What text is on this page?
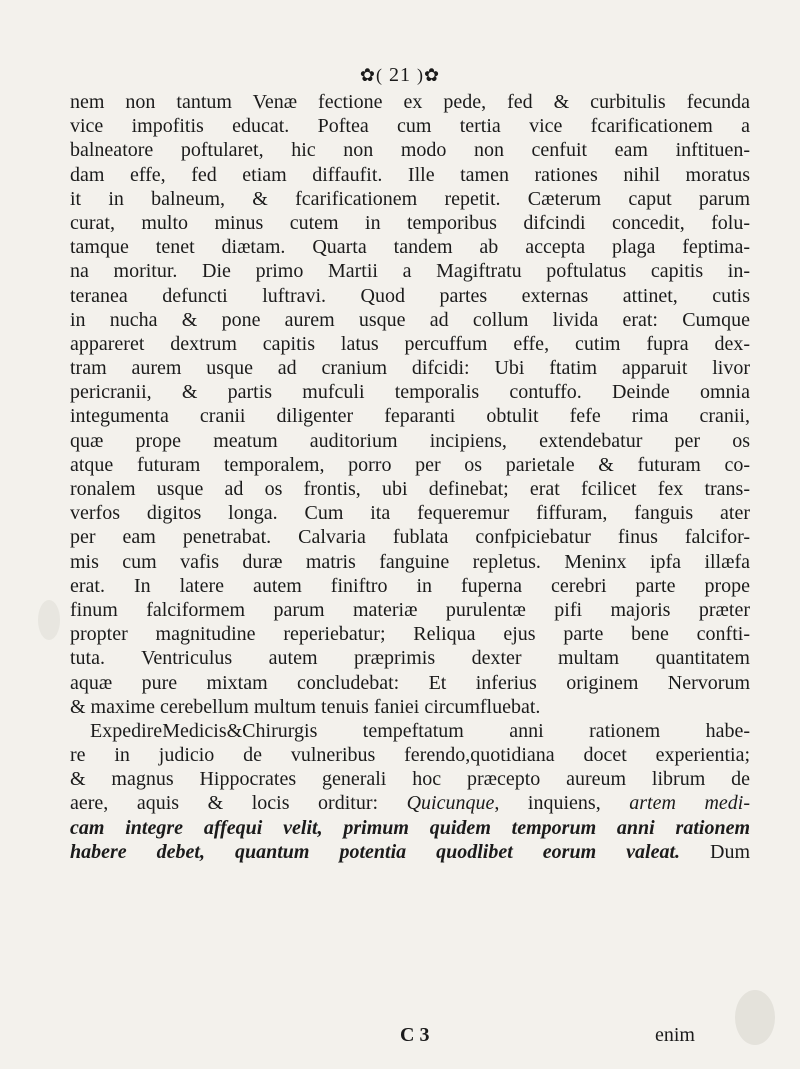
✿( 21 )✿
nem non tantum Venæ fectione ex pede, fed & curbitulis fecunda
vice impofitis educat. Poftea cum tertia vice fcarificationem a
balneatore poftularet, hic non modo non cenfuit eam inftituen-
dam effe, fed etiam diffaufit. Ille tamen rationes nihil moratus
it in balneum, & fcarificationem repetit. Cæterum caput parum
curat, multo minus cutem in temporibus difcindi concedit, folu-
tamque tenet diætam. Quarta tandem ab accepta plaga feptima-
na moritur. Die primo Martii a Magiftratu poftulatus capitis in-
teranea defuncti luftravi. Quod partes externas attinet, cutis
in nucha & pone aurem usque ad collum livida erat: Cumque
appareret dextrum capitis latus percuffum effe, cutim fupra dex-
tram aurem usque ad cranium difcidi: Ubi ftatim apparuit livor
pericranii, & partis mufculi temporalis contuffo. Deinde omnia
integumenta cranii diligenter feparanti obtulit fefe rima cranii,
quæ prope meatum auditorium incipiens, extendebatur per os
atque futuram temporalem, porro per os parietale & futuram co-
ronalem usque ad os frontis, ubi definebat; erat fcilicet fex trans-
verfos digitos longa. Cum ita fequeremur fiffuram, fanguis ater
per eam penetrabat. Calvaria fublata confpiciebatur finus falcifor-
mis cum vafis duræ matris fanguine repletus. Meninx ipfa illæfa
erat. In latere autem finiftro in fuperna cerebri parte prope
finum falciformem parum materiæ purulentæ pifi majoris præter
propter magnitudine reperiebatur; Reliqua ejus parte bene confti-
tuta. Ventriculus autem præprimis dexter multam quantitatem
aquæ pure mixtam concludebat: Et inferius originem Nervorum
& maxime cerebellum multum tenuis faniei circumfluebat.
ExpedireMedicis&Chirurgis tempeftatum anni rationem habe-
re in judicio de vulneribus ferendo,quotidiana docet experientia;
& magnus Hippocrates generali hoc præcepto aureum librum de
aere, aquis & locis orditur: Quicunque, inquiens, artem medi-
cam integre affequi velit, primum quidem temporum anni rationem
habere debet, quantum potentia quodlibet eorum valeat. Dum
C 3	enim
